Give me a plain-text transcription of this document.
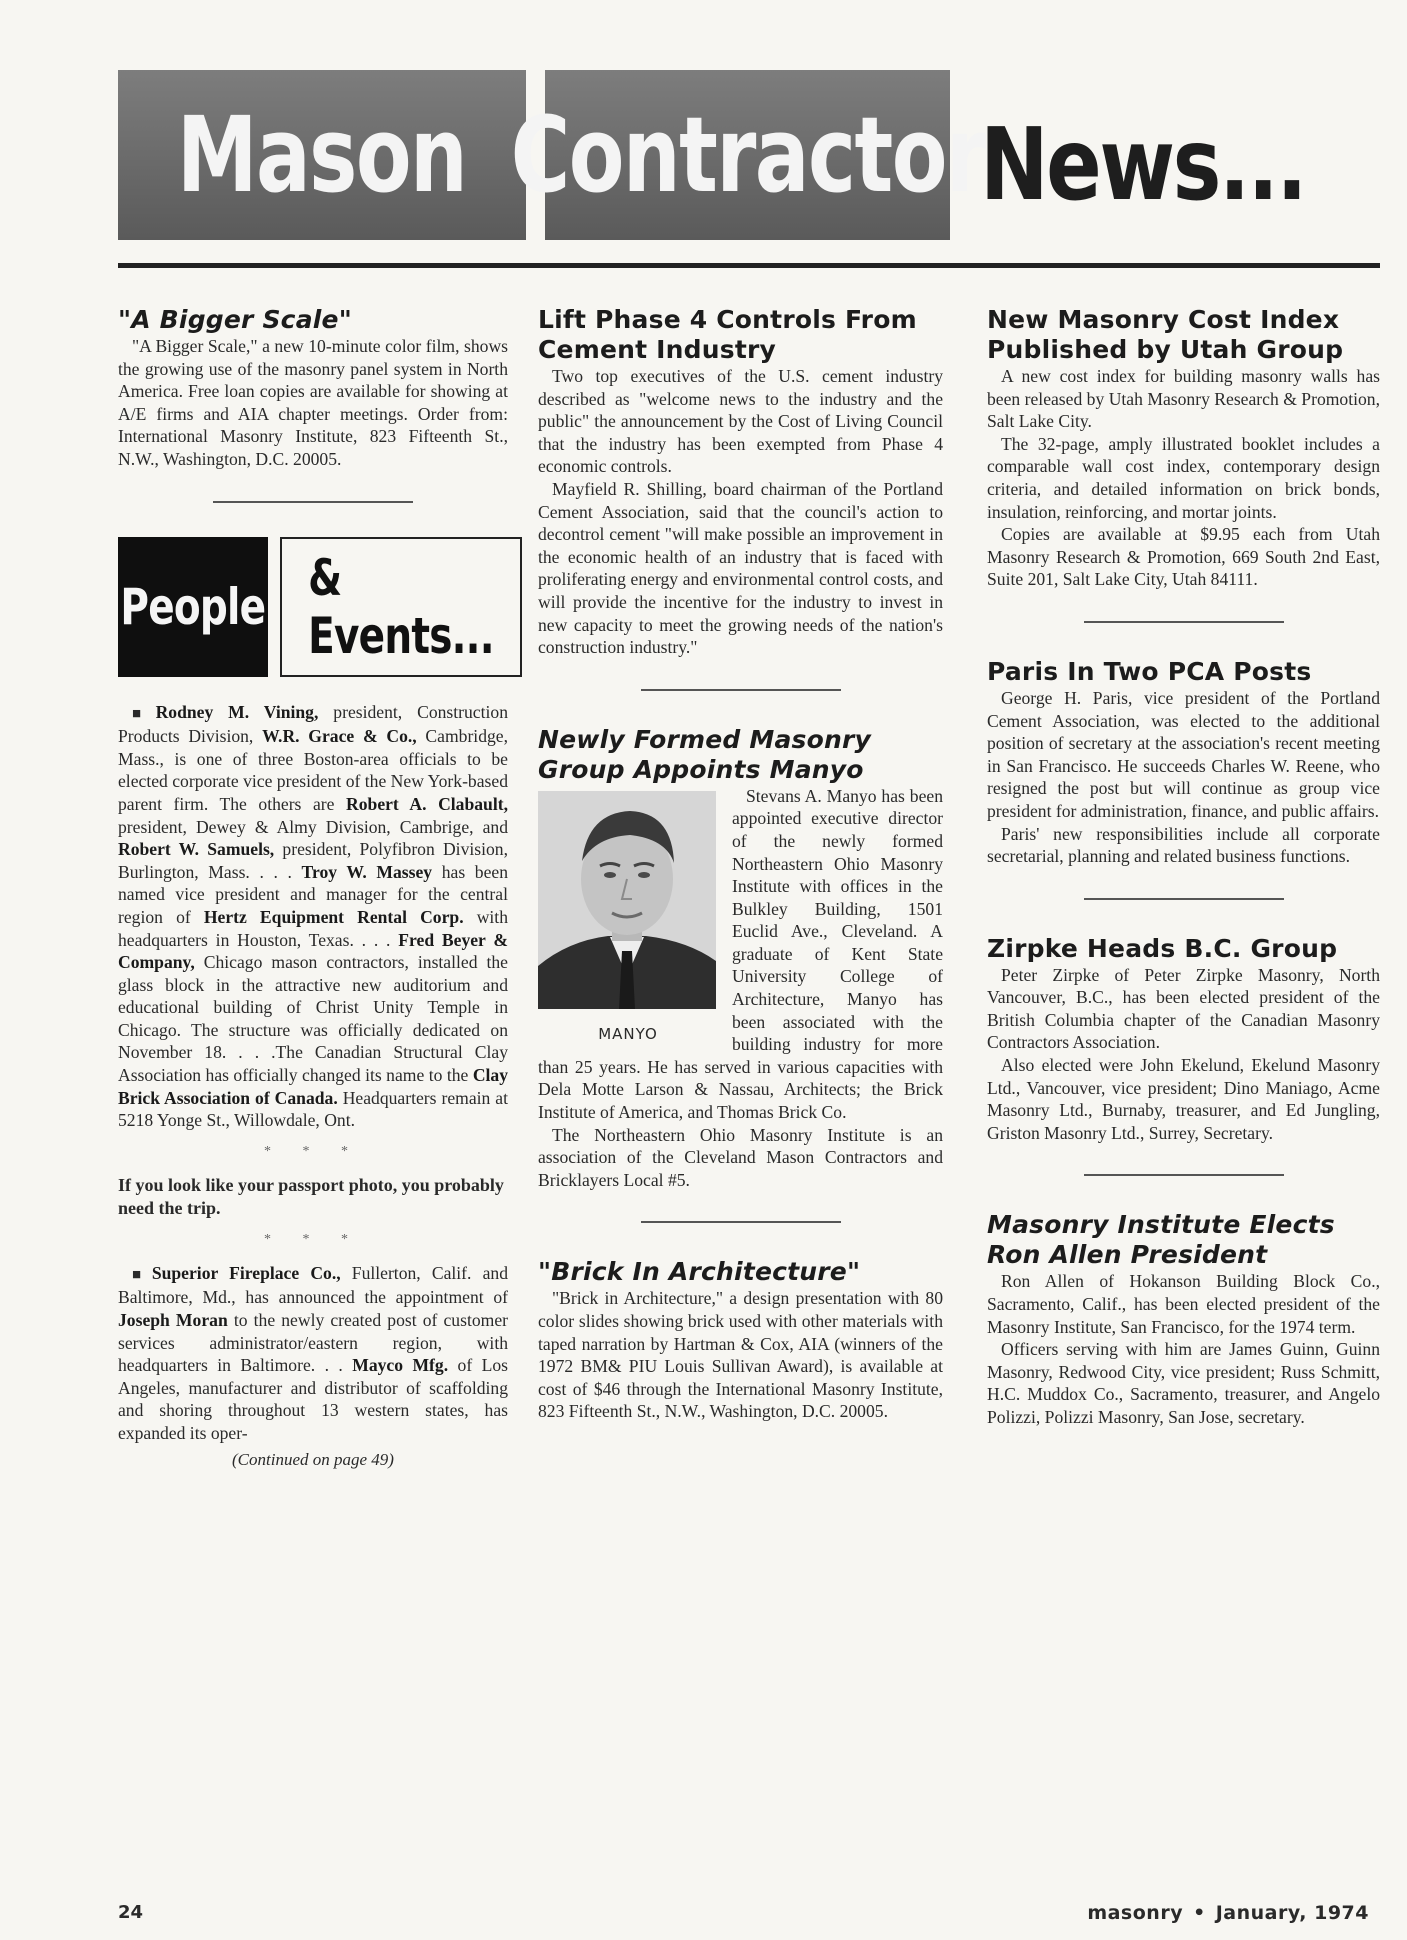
Mason Contractor
News...
"A Bigger Scale"

"A Bigger Scale," a new 10-minute color film, shows the growing use of the masonry panel system in North America. Free loan copies are available for showing at A/E firms and AIA chapter meetings. Order from: International Masonry Institute, 823 Fifteenth St., N.W., Washington, D.C. 20005.

People & Events...

■ Rodney M. Vining, president, Construction Products Division, W.R. Grace & Co., Cambridge, Mass., is one of three Boston-area officials to be elected corporate vice president of the New York-based parent firm. The others are Robert A. Clabault, president, Dewey & Almy Division, Cambrige, and Robert W. Samuels, president, Polyfibron Division, Burlington, Mass. . . . Troy W. Massey has been named vice president and manager for the central region of Hertz Equipment Rental Corp. with headquarters in Houston, Texas. . . . Fred Beyer & Company, Chicago mason contractors, installed the glass block in the attractive new auditorium and educational building of Christ Unity Temple in Chicago. The structure was officially dedicated on November 18. . . .The Canadian Structural Clay Association has officially changed its name to the Clay Brick Association of Canada. Headquarters remain at 5218 Yonge St., Willowdale, Ont.

* * *

If you look like your passport photo, you probably need the trip.

* * *

■ Superior Fireplace Co., Fullerton, Calif. and Baltimore, Md., has announced the appointment of Joseph Moran to the newly created post of customer services administrator/eastern region, with headquarters in Baltimore. . . Mayco Mfg. of Los Angeles, manufacturer and distributor of scaffolding and shoring throughout 13 western states, has expanded its oper-

(Continued on page 49)

Lift Phase 4 Controls From Cement Industry

Two top executives of the U.S. cement industry described as "welcome news to the industry and the public" the announcement by the Cost of Living Council that the industry has been exempted from Phase 4 economic controls.

Mayfield R. Shilling, board chairman of the Portland Cement Association, said that the council's action to decontrol cement "will make possible an improvement in the economic health of an industry that is faced with proliferating energy and environmental control costs, and will provide the incentive for the industry to invest in new capacity to meet the growing needs of the nation's construction industry."

Newly Formed Masonry Group Appoints Manyo
MANYO

Stevans A. Manyo has been appointed executive director of the newly formed Northeastern Ohio Masonry Institute with offices in the Bulkley Building, 1501 Euclid Ave., Cleveland. A graduate of Kent State University College of Architecture, Manyo has been associated with the building industry for more than 25 years. He has served in various capacities with Dela Motte Larson & Nassau, Architects; the Brick Institute of America, and Thomas Brick Co.

The Northeastern Ohio Masonry Institute is an association of the Cleveland Mason Contractors and Bricklayers Local #5.

"Brick In Architecture"

"Brick in Architecture," a design presentation with 80 color slides showing brick used with other materials with taped narration by Hartman & Cox, AIA (winners of the 1972 BM& PIU Louis Sullivan Award), is available at cost of $46 through the International Masonry Institute, 823 Fifteenth St., N.W., Washington, D.C. 20005.

New Masonry Cost Index Published by Utah Group

A new cost index for building masonry walls has been released by Utah Masonry Research & Promotion, Salt Lake City.

The 32-page, amply illustrated booklet includes a comparable wall cost index, contemporary design criteria, and detailed information on brick bonds, insulation, reinforcing, and mortar joints.

Copies are available at $9.95 each from Utah Masonry Research & Promotion, 669 South 2nd East, Suite 201, Salt Lake City, Utah 84111.

Paris In Two PCA Posts

George H. Paris, vice president of the Portland Cement Association, was elected to the additional position of secretary at the association's recent meeting in San Francisco. He succeeds Charles W. Reene, who resigned the post but will continue as group vice president for administration, finance, and public affairs.

Paris' new responsibilities include all corporate secretarial, planning and related business functions.

Zirpke Heads B.C. Group

Peter Zirpke of Peter Zirpke Masonry, North Vancouver, B.C., has been elected president of the British Columbia chapter of the Canadian Masonry Contractors Association.

Also elected were John Ekelund, Ekelund Masonry Ltd., Vancouver, vice president; Dino Maniago, Acme Masonry Ltd., Burnaby, treasurer, and Ed Jungling, Griston Masonry Ltd., Surrey, Secretary.

Masonry Institute Elects Ron Allen President

Ron Allen of Hokanson Building Block Co., Sacramento, Calif., has been elected president of the Masonry Institute, San Francisco, for the 1974 term.

Officers serving with him are James Guinn, Guinn Masonry, Redwood City, vice president; Russ Schmitt, H.C. Muddox Co., Sacramento, treasurer, and Angelo Polizzi, Polizzi Masonry, San Jose, secretary.

24	masonry • January, 1974
